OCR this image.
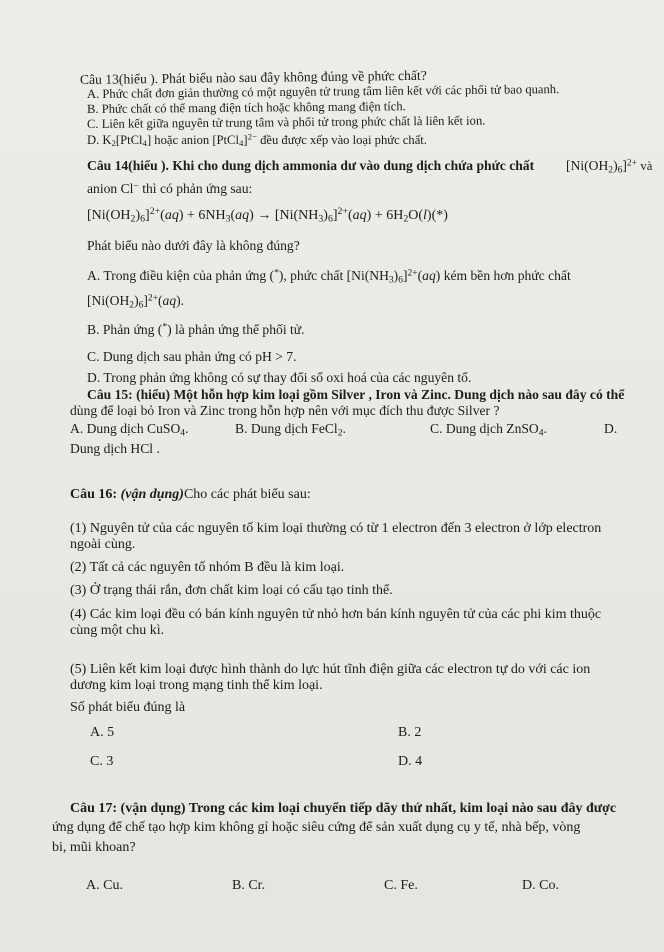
Câu 13(hiểu ). Phát biểu nào sau đây không đúng về phức chất?
A. Phức chất đơn giản thường có một nguyên tử trung tâm liên kết với các phối tử bao quanh.
B. Phức chất có thể mang điện tích hoặc không mang điện tích.
C. Liên kết giữa nguyên tử trung tâm và phối tử trong phức chất là liên kết ion.
D. $K_2[PtCl_4]$ hoặc anion [PtCl$_4$]$^{2-}$ đều được xếp vào loại phức chất.
Câu 14(hiểu ). Khi cho dung dịch ammonia dư vào dung dịch chứa phức chất $[Ni(OH_2)_6]^{2+}$ và
anion Cl− thì có phản ứng sau:
$[Ni(OH_2)_6]^{2+}(aq) + 6NH_3(aq) \to [Ni(NH_3)_6]^{2+}(aq) + 6H_2O(l)(*)$
Phát biểu nào dưới đây là không đúng?
A. Trong điều kiện của phản ứng (*), phức chất $[Ni(NH_3)_6]^{2+}(aq)$ kém bền hơn phức chất
$[Ni(OH_2)_6]^{2+}(aq)$.
B. Phản ứng (*) là phản ứng thế phối tử.
C. Dung dịch sau phản ứng có pH > 7.
D. Trong phản ứng không có sự thay đổi số oxi hoá của các nguyên tố.
Câu 15: (hiểu) Một hỗn hợp kim loại gồm Silver , Iron và Zinc. Dung dịch nào sau đây có thể
dùng để loại bỏ Iron và Zinc trong hỗn hợp nên với mục đích thu được Silver ?
A. Dung dịch CuSO$_4$.	B. Dung dịch FeCl$_2$.	C. Dung dịch ZnSO$_4$.	D.
Dung dịch HCl .
Câu 16: (vận dụng)Cho các phát biểu sau:
(1) Nguyên tử của các nguyên tố kim loại thường có từ 1 electron đến 3 electron ở lớp electron
ngoài cùng.
(2) Tất cả các nguyên tố nhóm B đều là kim loại.
(3) Ở trạng thái rắn, đơn chất kim loại có cấu tạo tinh thể.
(4) Các kim loại đều có bán kính nguyên tử nhỏ hơn bán kính nguyên tử của các phi kim thuộc
cùng một chu kì.
(5) Liên kết kim loại được hình thành do lực hút tĩnh điện giữa các electron tự do với các ion
dương kim loại trong mạng tinh thể kim loại.
Số phát biểu đúng là
A. 5	B. 2
C. 3	D. 4
Câu 17: (vận dụng) Trong các kim loại chuyển tiếp dãy thứ nhất, kim loại nào sau đây được
ứng dụng để chế tạo hợp kim không gỉ hoặc siêu cứng để sản xuất dụng cụ y tế, nhà bếp, vòng
bi, mũi khoan?
A. Cu.	B. Cr.	C. Fe.	D. Co.
